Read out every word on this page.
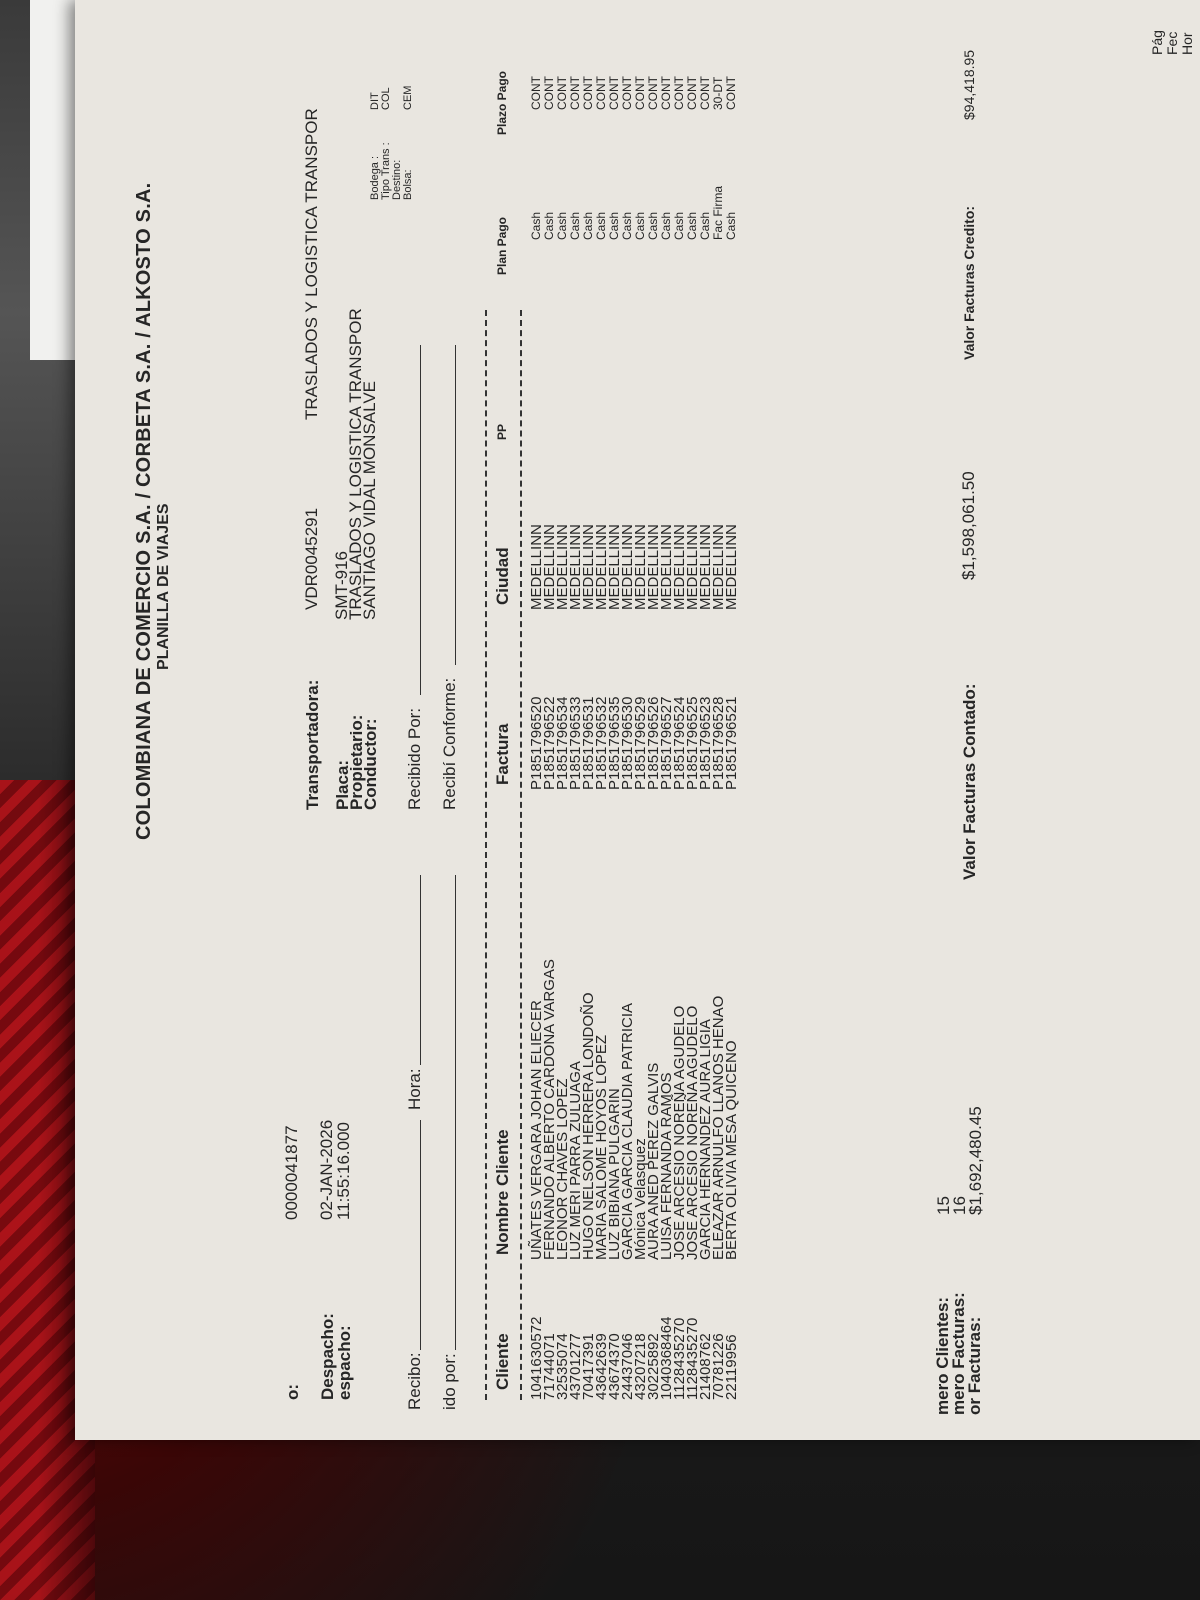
COLOMBIANA DE COMERCIO S.A. / CORBETA S.A. / ALKOSTO S.A. PLANILLA DE VIAJES
Pág Fec Hor
o:
0000041877
Despacho:
02-JAN-2026
espacho:
11:55:16.000
Transportadora:
VDR0045291
TRASLADOS Y LOGISTICA TRANSPOR
Placa:
SMT-916
Propietario:
TRASLADOS Y LOGISTICA TRANSPOR
Conductor:
SANTIAGO VIDAL MONSALVE
Bodega : Tipo Trans : Destino: Bolsa:
DIT COL CEM
Recibo:
Hora:
Recibido Por:
ido por:
Recibí Conforme:
Cliente
Nombre Cliente
Factura
Ciudad
PP
Plan Pago
Plazo Pago
1041630572
71744071
32535074
43701277
70417391
43642639
43674370
24437046
43207218
30225892
1040368464
1128435270
1128435270
21408762
70781226
22119956
UÑATES VERGARA JOHAN ELIECER
FERNANDO ALBERTO CARDONA VARGAS
LEONOR CHAVES LOPEZ
LUZ MERI PARRA ZULUAGA
HUGO NELSON HERRERA LONDOÑO
MARIA SALOME HOYOS LOPEZ
LUZ BIBIANA PULGARIN
GARCIA GARCIA CLAUDIA PATRICIA
Mónica Velasquez
AURA ANED PEREZ GALVIS
LUISA FERNANDA RAMOS
JOSE ARCESIO NOREÑA AGUDELO
JOSE ARCESIO NOREÑA AGUDELO
GARCIA HERNANDEZ AURA LIGIA
ELEAZAR ARNULFO LLANOS HENAO
BERTA OLIVIA MESA QUICENO
P1851796520
P1851796522
P1851796534
P1851796533
P1851796531
P1851796532
P1851796535
P1851796530
P1851796529
P1851796526
P1851796527
P1851796524
P1851796525
P1851796523
P1851796528
P1851796521
MEDELLIN
MEDELLIN
MEDELLIN
MEDELLIN
MEDELLIN
MEDELLIN
MEDELLIN
MEDELLIN
MEDELLIN
MEDELLIN
MEDELLIN
MEDELLIN
MEDELLIN
MEDELLIN
MEDELLIN
MEDELLIN
N
N
N
N
N
N
N
N
N
N
N
N
N
N
N
N
Cash Cash Cash Cash Cash Cash Cash Cash Cash Cash Cash Cash Cash Cash Fac Firma Cash
CONT CONT CONT CONT CONT CONT CONT CONT CONT CONT CONT CONT CONT CONT 30-DT CONT
mero Clientes:
15
mero Facturas:
16
or Facturas:
$1,692,480.45
Valor Facturas Contado:
$1,598,061.50
Valor Facturas Credito:
$94,418.95
